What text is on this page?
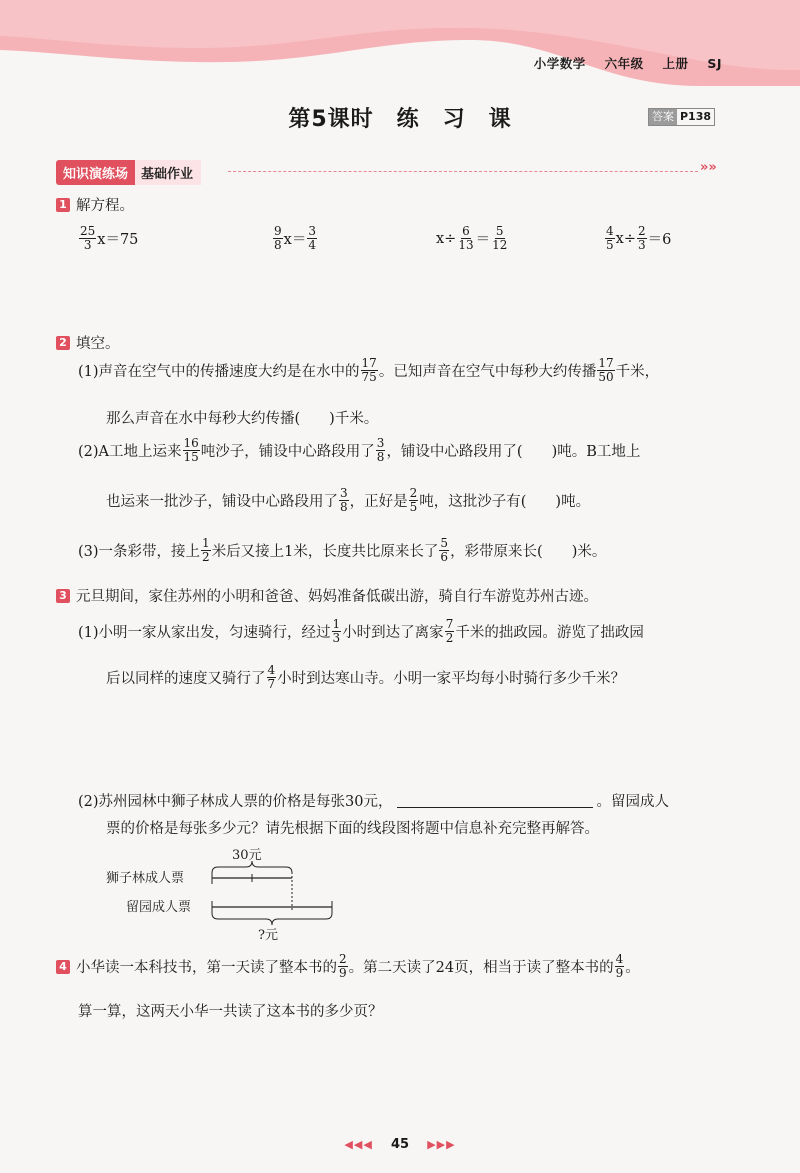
小学数学 六年级 上册 SJ
第5课时　练　习　课	答案 P138
知识演练场	基础作业	»»
1 解方程。
$\frac{25}{3} x=75$	$\frac{9}{8} x= \frac{3}{4}$	$x\div \frac{6}{13} = \frac{5}{12}$	$\frac{4}{5} x\div \frac{2}{3} =6$
2 填空。
(1)声音在空气中的传播速度大约是在水中的 $\frac{17}{75}$ 。已知声音在空气中每秒大约传播 $\frac{17}{50}$ 千米，
那么声音在水中每秒大约传播(　　)千米。
(2)A工地上运来 $\frac{16}{15}$ 吨沙子，铺设中心路段用了 $\frac{3}{8}$ ，铺设中心路段用了(　　)吨。B工地上
也运来一批沙子，铺设中心路段用了 $\frac{3}{8}$ ，正好是 $\frac{2}{5}$ 吨，这批沙子有(　　)吨。
(3)一条彩带，接上 $\frac{1}{2}$ 米后又接上1米，长度共比原来长了 $\frac{5}{6}$ ，彩带原来长(　　)米。
3 元旦期间，家住苏州的小明和爸爸、妈妈准备低碳出游，骑自行车游览苏州古迹。
(1)小明一家从家出发，匀速骑行，经过 $\frac{1}{3}$ 小时到达了离家 $\frac{7}{2}$ 千米的拙政园。游览了拙政园
后以同样的速度又骑行了 $\frac{4}{7}$ 小时到达寒山寺。小明一家平均每小时骑行多少千米？
(2)苏州园林中狮子林成人票的价格是每张30元，	。留园成人
票的价格是每张多少元？请先根据下面的线段图将题中信息补充完整再解答。
30元
狮子林成人票
留园成人票
?元
4 小华读一本科技书，第一天读了整本书的 $\frac{2}{9}$ 。第二天读了24页，相当于读了整本书的 $\frac{4}{9}$ 。
算一算，这两天小华一共读了这本书的多少页？
◀◀◀ 45 ▶▶▶
